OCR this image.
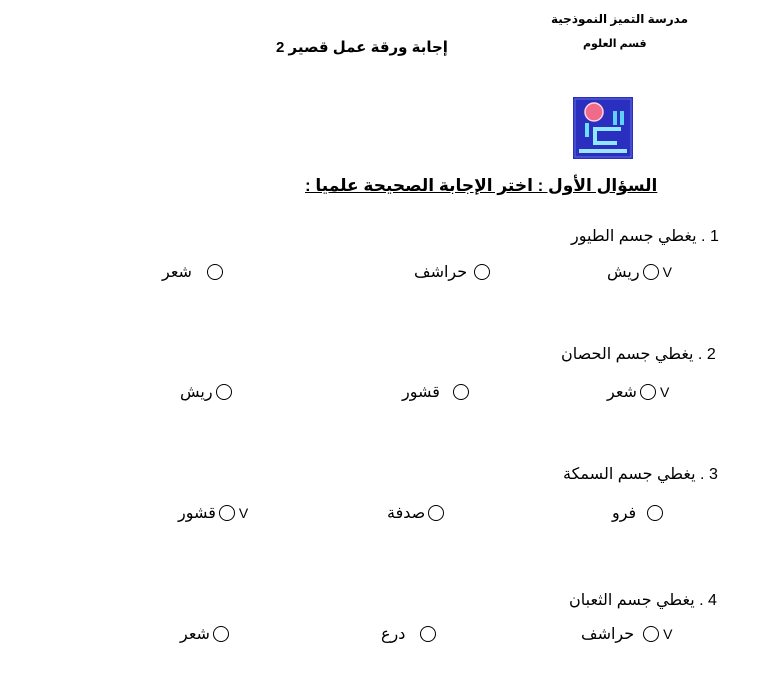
مدرسة التميز النموذجية
قسم العلوم
إجابة ورقة عمل قصير 2
السؤال الأول : اختر الإجابة الصحيحة علميا :
1 . يغطي جسم الطيور
V
ريش
حراشف
شعر
2 . يغطي جسم الحصان
V
شعر
قشور
ريش
3 . يغطي جسم السمكة
فرو
صدفة
V
قشور
4 . يغطي جسم الثعبان
V
حراشف
درع
شعر
